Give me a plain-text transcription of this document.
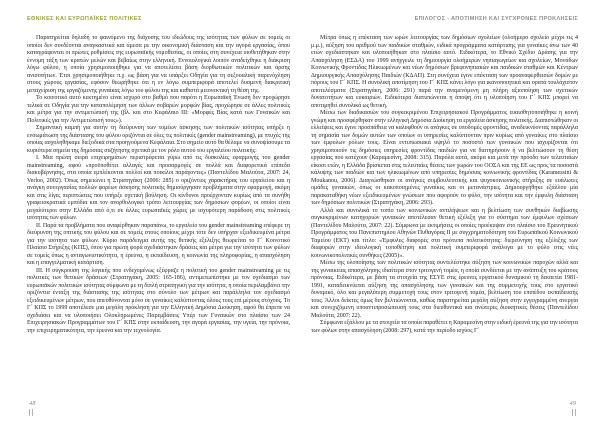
ΕΘΝΙΚΕΣ ΚΑΙ ΕΥΡΩΠΑΪΚΕΣ ΠΟΛΙΤΙΚΕΣ

Παρατηρείται δηλαδή το φαινόμενο της διάχυσης του ιδεώδους της ισότητας των φύλων σε τομείς οι οποίοι δεν συνδέονται αναγκαστικά και άμεσα με την οικονομική διάσταση και την αγορά εργασίας, όπου καταγράφονται οι πρώτες ρυθμίσεις της ευρωπαϊκής νομοθεσίας, οι οποίες στη συνέχεια υιοθετήθηκαν στην έννομη τάξη των κρατών μελών και βεβαίως στην ελληνική. Εννοιολογικά λοιπόν αναδείχθηκε η διάκριση λόγω φύλου, η οποία χρησιμοποιήθηκε για να αποτελέσει βάση διορθωτικών πολιτικών και άρσης ανισοτήτων. Έτσι χρησιμοποιήθηκε π.χ. ως βάση για να υπάρξει Οδηγία για τη σεξουαλική παρενόχληση στους χώρους εργασίας, εφόσον θεωρήθηκε ότι η εν λόγω συμπεριφορά αποτελεί δυσμενή διακριτική μεταχείριση της εργαζόμενης γυναίκας λόγω του φύλου της και καθιστά μειονεκτική τη θέση της.

Το κοινοτικό αυτό κεκτημένο είναι ισχυρό στο βαθμό που παρότι η Ευρωπαϊκή Ένωση δεν προχώρησε τελικά σε Οδηγία για την καταπολέμηση των άλλων σοβαρών μορφών βίας, προχώρησε σε άλλες πολιτικές και μέτρα για την αντιμετώπισή της (βλ. και στο Κεφάλαιο ΙΙΙ: «Μορφές Βίας κατά των Γυναικών και Πολιτικές για την Αντιμετώπισή τους»).

Σημαντική καμπή για αυτήν τη διεύρυνση των τομέων άσκησης των πολιτικών ισότητας υπήρξε η ενσωμάτωση της διάστασης του φύλου οριζόντια σε όλες τις πολιτικές (gender mainstreaming), με πτυχές της οποίας ασχοληθήκαμε διεξοδικά στα προηγούμενα Κεφάλαια. Στο σημείο αυτό θα θέλαμε να συνοψίσουμε τα κυριότερα σημεία της δημόσιας συζήτησης σχετικά με τον ρόλο αυτού του εργαλείου πολιτικής:

I. Μια πρώτη σειρά επιχειρημάτων περιστρέφεται γύρω από τις δυσκολίες εφαρμογής του gender mainstreaming, αφού «προϋποθέτει αλλαγές και προσαρμογές σε πολλά και διαφορετικά επίπεδα διακυβέρνησης, στα οποία εμπλέκονται πολλοί και ποικίλοι παράγοντες» (Παντελίδου Μαλούτα, 2007: 24, Verloo, 2002). Όπως σημειώνει η Στρατηγάκη (2006: 285) ο οριζόντιος χαρακτήρας του εργαλείου και η ανάγκη συνεργασίας πολλών φορέων άσκησης πολιτικής δημιούργησαν προβλήματα στην εφαρμογή, ακόμη και στις λίγες περιπτώσεις που υπήρξε σχετική βούληση. Οι κίνδυνοι προέρχονταν κυρίως από τα συνήθη γραφειοκρατικά εμπόδια και τον ανορθολογικό τρόπο λειτουργίας των δημόσιων φορέων, οι οποίοι είναι μεγαλύτεροι στην Ελλάδα από ό,τι σε άλλες ευρωπαϊκές χώρες με ισχυρότερη παράδοση στις πολιτικές ισότητας των φύλων.

II. Παρά τα προβλήματα που αναφέρθηκαν παραπάνω, το εργαλείο του gender mainstreaming επέφερε τη διεύρυνση της οπτικής του φύλου και σε τομείς στους οποίους μέχρι τότε δεν υπήρχαν εξειδικευμένα μέτρα για την ισότητα των φύλων. Κύριο παράδειγμα αυτής της θετικής εξέλιξης θεωρείται το Γ΄ Κοινοτικό Πλαίσιο Στήριξης (ΚΠΣ), όπου για πρώτη φορά σχεδιάστηκαν δράσεις και μέτρα για την ισότητα των φύλων σε τομείς όπως η ανταγωνιστικότητα, η έρευνα, η εκπαίδευση, η κοινωνία της πληροφορίας, η απασχόληση και η επαγγελματική κατάρτιση.

III. Η σύγκρουση της λογικής που ενδεχομένως εξέφραζε η πολιτική του gender mainstreaming με τις πολιτικές των θετικών δράσεων (Στρατηγάκη, 2005: 165-186), αντιμετωπίστηκε με τον σχεδιασμό των ευρωπαϊκών πολιτικών ισότητας σύμφωνα με τη διπλή στρατηγική για την ισότητα, η οποία περιλαμβάνει την οριζόντια ένταξη της διάστασης της ισότητας στο σύνολο των μέτρων και παράλληλα τον σχεδιασμό εξειδικευμένων μέτρων, που απευθύνονται μόνο σε γυναίκες καλύπτοντας όλους τους επί μέρους στόχους. Το Γ΄ ΚΠΣ το 1999 αποτέλεσε μια μεγάλη πρόκληση για την Ελληνική Δημόσια Διοίκηση, αφού θα έπρεπε να σχεδιάσει και να υλοποιήσει Ολοκληρωμένες Παρεμβάσεις Υπέρ των Γυναικών στο πλαίσιο των 24 Επιχειρησιακών Προγραμμάτων του Γ΄ ΚΠΣ στην εκπαίδευση, την αγορά εργασίας, την υγεία, την πρόνοια, την επιχειρηματικότητα, την έρευνα και την τεχνολογία.

48
ΕΠΙΛΟΓΟΣ - ΑΠΟΤΙΜΗΣΗ ΚΑΙ ΣΥΓΧΡΟΝΕΣ ΠΡΟΚΛΗΣΕΙΣ

Μέτρα όπως η επέκταση των ωρών λειτουργίας των δημόσιων σχολείων (ολοήμερο σχολείο μέχρι τις 4 μ.μ.), αύξηση του αριθμού των παιδικών σταθμών, ειδικά προγράμματα κατάρτισης για γυναίκες άνω των 40 ετών σχεδιάστηκαν και υλοποιήθηκαν στο πλαίσιο αυτό. Ειδικότερα, το Εθνικό Σχέδιο Δράσης για την Απασχόληση (ΕΣΔΑ) του 1999 ανήγγειλε τη δημιουργία ολοήμερων νηπιαγωγείων και σχολείων, Μονάδων Κοινωνικής Φροντίδας Ηλικιωμένων και νέων δημόσιων βρεφονηπιακών και παιδικών σταθμών και Κέντρων Δημιουργικής Απασχόλησης Παιδιών (ΚΔΑΠ). Στη συνέχεια έγινε επέκταση των προαναφερθεισών δομών με πόρους του Γ΄ ΚΠΣ. Η συνολική αποτίμηση του Γ΄ ΚΠΣ κάνει λόγο για ικανοποιητικά και ορατά τουλάχιστον αποτελέσματα (Στρατηγάκη, 2006: 291) παρά την αναμενόμενη μη πλήρη αξιοποίηση των σχετικών δυνατοτήτων και ευκαιριών. Ειδικότερα διατυπώνεται η άποψη ότι η υλοποίηση του Γ΄ ΚΠΣ μπορεί να αποτιμηθεί συνολικά ως θετική.

Μέσω των διαδικασιών του συγκεκριμένου Επιχειρησιακού Προγράμματος ευαισθητοποιήθηκε η κοινή γνώμη και προσφέρθηκαν στην ελληνική Δημόσια Διοίκηση τα εργαλεία άσκησης πολιτικής. Διαπιστώθηκαν οι ελλείψεις και έγινε προσπάθεια να καλυφθούν οι ανάγκες σε υποδομές φροντίδας, αναδεικνύοντας παράλληλα τη σημασία των δομών αυτών των οποίων οι υπηρεσίες καλύπτονταν πριν κυρίως από γυναίκες στο πλαίσιο των έμφυλων ρόλων τους. Είναι εντυπωσιακά υψηλό το ποσοστό των γυναικών που ισχυρίζονται ότι χρησιμοποιούν τις δημόσιες υπηρεσίες φροντίδας παιδιών για να διατηρήσουν ή να βελτιώσουν τη θέση εργασίας που κατέχουν (Καραμεσίνη, 2008: 315). Παρόλα αυτά, ακόμα και μετά την πρόοδο των τελευταίων είκοσι ετών, η Ελλάδα βρίσκεται στις τελευταίες θέσεις των χωρών του ΟΟΣΑ και της ΕΕ ως προς τα ποσοστά κάλυψης των παιδιών και των ηλικιωμένων από υπηρεσίες δημόσιας κοινωνικής φροντίδας (Karamessini & Moukanou, 2006). Διαγνώσθηκαν οι ανάγκες συμβουλευτικής και ψυχοκοινωνικής στήριξης σε ευάλωτες ομάδες γυναικών, όπως οι κακοποιημένες γυναίκες και οι μετανάστριες. Δημιουργήθηκε εξάλλου μία παρακαταθήκη νέων εξειδικευμένων γνώσεων που αφορούν το φύλο, την ισότητα και την έμφυλη διάσταση των δημόσιων πολιτικών (Στρατηγάκη, 2006: 293).

Αλλά και συνολικά το τοπίο των κοινωνικών αντιλήψεων και η βελτίωση των συνθηκών διαβίωσης συγκεκριμένων κατηγοριών γυναικών αποτέλεσαν θετική εξέλιξη για το σύστημα των έμφυλων σχέσεων (Παντελίδου Μαλούτα, 2007: 22). Σύμφωνα με εκτιμήσεις οι οποίες προέκυψαν στο πλαίσιο του Ερευνητικού Προγράμματος του Πανεπιστημίου Αθηνών Πυθαγόρας ΙΙ με συγχρηματοδότηση του Ευρωπαϊκού Κοινωνικού Ταμείου (ΕΚΤ) και τίτλο: «Έμφυλες διαφορές στα πρότυπα πολιτικότητας: διερεύνηση της εξέλιξης των διαφορών στην ιδεολογική τοποθέτηση και πολιτική συμπεριφορά ανάλογα με το φύλο στις νέες κοινωνικοπολιτικές συνθήκες (2005)».

Μέσω της υλοποίησης των πολιτικών ισότητας συντελέστηκε αύξηση των κοινωνικών παροχών αλλά και της γυναικείας απασχόλησης ιδιαίτερα στον τριτογενή τομέα, η οποία συνδέεται με την ανάπτυξη του κράτους πρόνοιας. Ειδικότερα, με βάση τα στοιχεία της ΕΣΥΕ στις έρευνες εργατικού δυναμικού τη δεκαετία 1981-1991, καταδεικνύεται αύξηση της απασχόλησης των γυναικών και της συμμετοχής τους στο εργατικό δυναμικό, όλο και μεγαλύτερη συμμετοχή τους στον τριτογενή τομέα, βελτίωση του επιπέδου εκπαίδευσής τους. Άλλοι δείκτες όμως δεν βελτιώνονται, καθώς παρατηρείται μεγάλη αύξηση στην εγγεγραμμένη ανεργία και συνεχιζόμενη υποαντιπροσώπευσή τους στα διευθυντικά και ανώτερες διοικητικές θέσεις (Παντελίδου Μαλούτα, 2007: 22).

Σύμφωνα εξάλλου με τα στοιχεία τα οποία παραθέτει η Καραμεσίνη στην ειδική έρευνά της για την ισότητα των φύλων στην απασχόληση (2008: 297), κατά την περίοδο ισχύος Γ΄

49
